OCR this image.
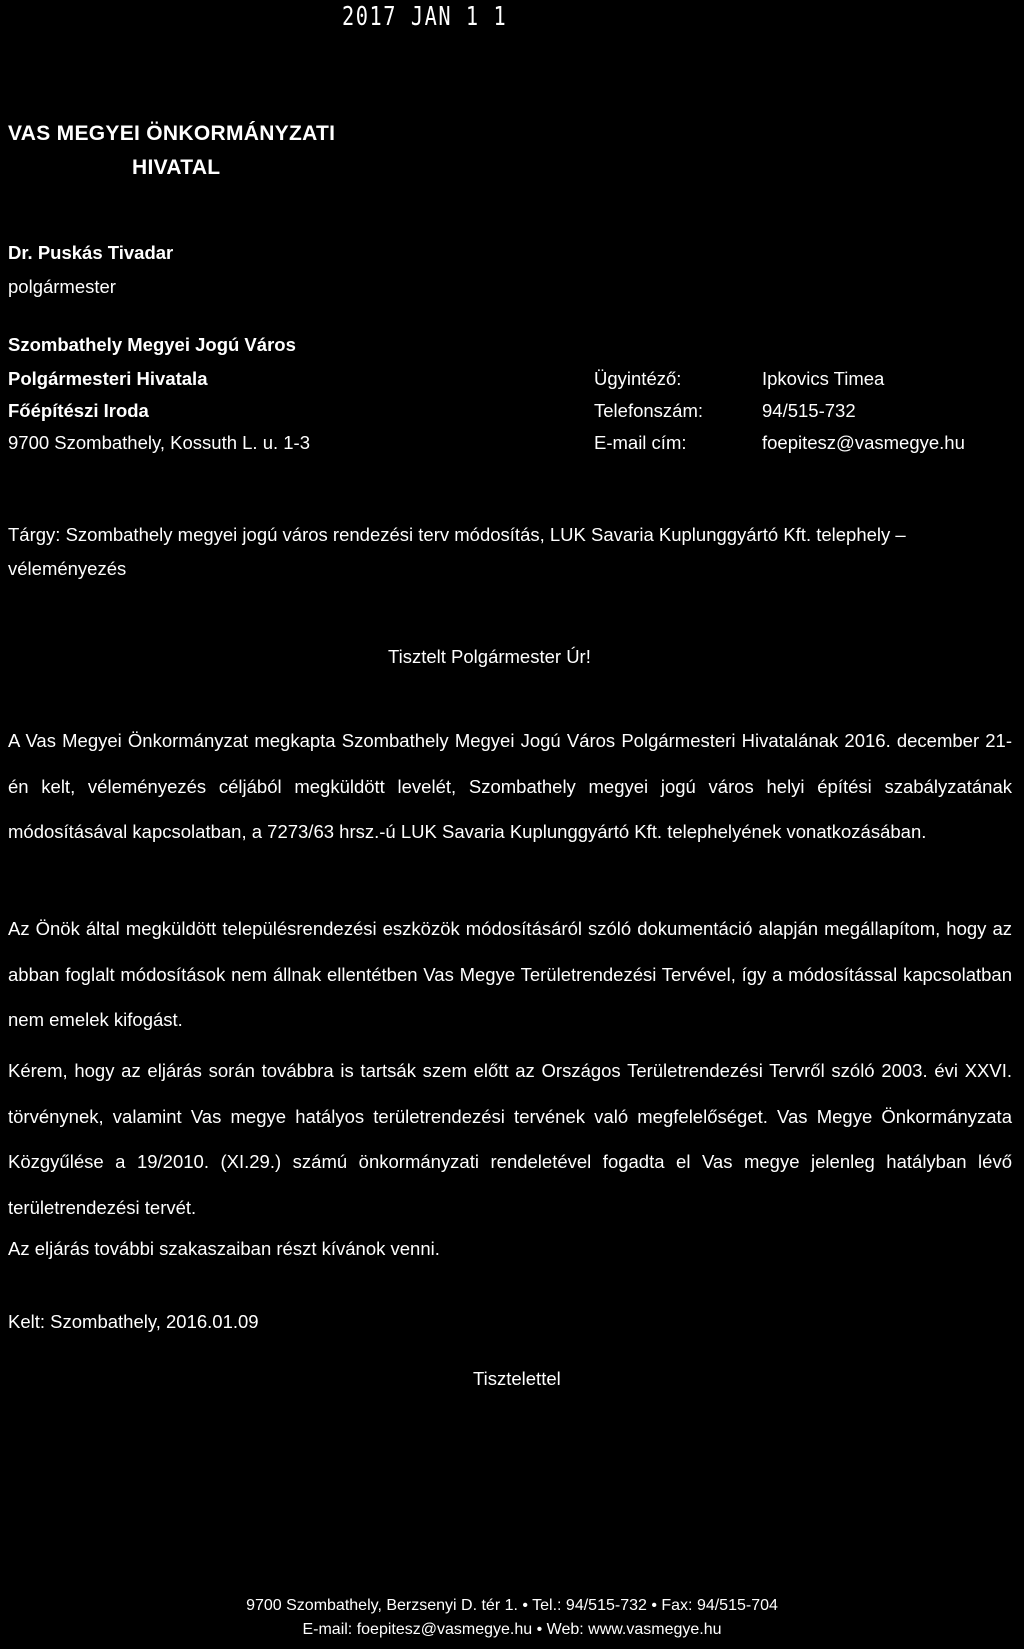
2017 JAN 1 1
VAS MEGYEI ÖNKORMÁNYZATI
HIVATAL
Dr. Puskás Tivadar
polgármester
Szombathely Megyei Jogú Város
Polgármesteri Hivatala
Főépítészi Iroda
9700 Szombathely, Kossuth L. u. 1-3
Ügyintéző:	Ipkovics Timea
Telefonszám:	94/515-732
E-mail cím:	foepitesz@vasmegye.hu
Tárgy: Szombathely megyei jogú város rendezési terv módosítás, LUK Savaria Kuplunggyártó Kft. telephely – véleményezés
Tisztelt Polgármester Úr!
A Vas Megyei Önkormányzat megkapta Szombathely Megyei Jogú Város Polgármesteri Hivatalának 2016. december 21-én kelt, véleményezés céljából megküldött levelét, Szombathely megyei jogú város helyi építési szabályzatának módosításával kapcsolatban, a 7273/63 hrsz.-ú LUK Savaria Kuplunggyártó Kft. telephelyének vonatkozásában.
Az Önök által megküldött településrendezési eszközök módosításáról szóló dokumentáció alapján megállapítom, hogy az abban foglalt módosítások nem állnak ellentétben Vas Megye Területrendezési Tervével, így a módosítással kapcsolatban nem emelek kifogást.
Kérem, hogy az eljárás során továbbra is tartsák szem előtt az Országos Területrendezési Tervről szóló 2003. évi XXVI. törvénynek, valamint Vas megye hatályos területrendezési tervének való megfelelőséget. Vas Megye Önkormányzata Közgyűlése a 19/2010. (XI.29.) számú önkormányzati rendeletével fogadta el Vas megye jelenleg hatályban lévő területrendezési tervét.
Az eljárás további szakaszaiban részt kívánok venni.
Kelt: Szombathely, 2016.01.09
Tisztelettel
9700 Szombathely, Berzsenyi D. tér 1. • Tel.: 94/515-732 • Fax: 94/515-704
E-mail: foepitesz@vasmegye.hu • Web: www.vasmegye.hu
